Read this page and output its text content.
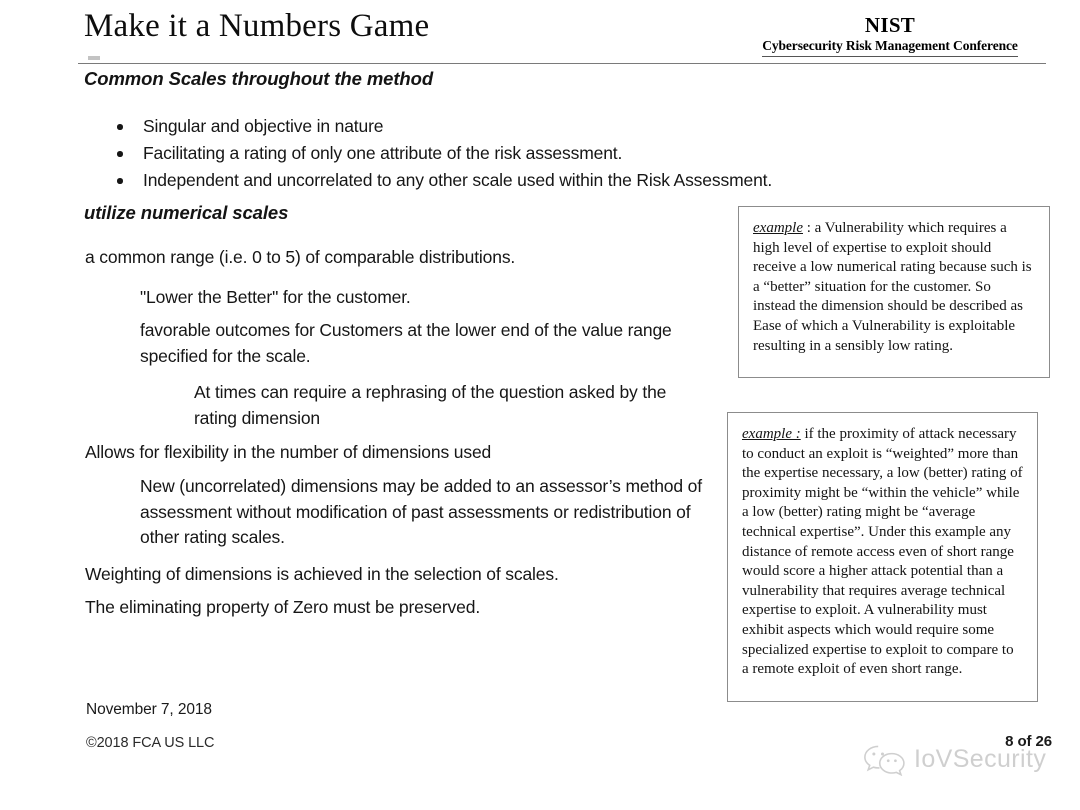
Make it a Numbers Game	NIST
Cybersecurity Risk Management Conference
Common Scales throughout the method
Singular and objective in nature
Facilitating a rating of only one attribute of the risk assessment.
Independent and uncorrelated to any other scale used within the Risk Assessment.
utilize numerical scales
a common range (i.e. 0 to 5) of comparable distributions.
"Lower the Better" for the customer.
favorable outcomes for Customers at the lower end of the value range specified for the scale.
At times can require a rephrasing of the question asked by the rating dimension
Allows for flexibility in the number of dimensions used
New (uncorrelated) dimensions may be added to an assessor’s method of assessment without modification of past assessments or redistribution of other rating scales.
Weighting of dimensions is achieved in the selection of scales.
The eliminating property of Zero must be preserved.
example : a Vulnerability which requires a high level of expertise to exploit should receive a low numerical rating because such is a “better” situation for the customer. So instead the dimension should be described as Ease of which a Vulnerability is exploitable resulting in a sensibly low rating.
example : if the proximity of attack necessary to conduct an exploit is “weighted” more than the expertise necessary, a low (better) rating of proximity might be “within the vehicle” while a low (better) rating might be “average technical expertise”. Under this example any distance of remote access even of short range would score a higher attack potential than a vulnerability that requires average technical expertise to exploit. A vulnerability must exhibit aspects which would require some specialized expertise to exploit to compare to a remote exploit of even short range.
November 7, 2018
©2018 FCA US LLC	8 of 26
IoVSecurity
